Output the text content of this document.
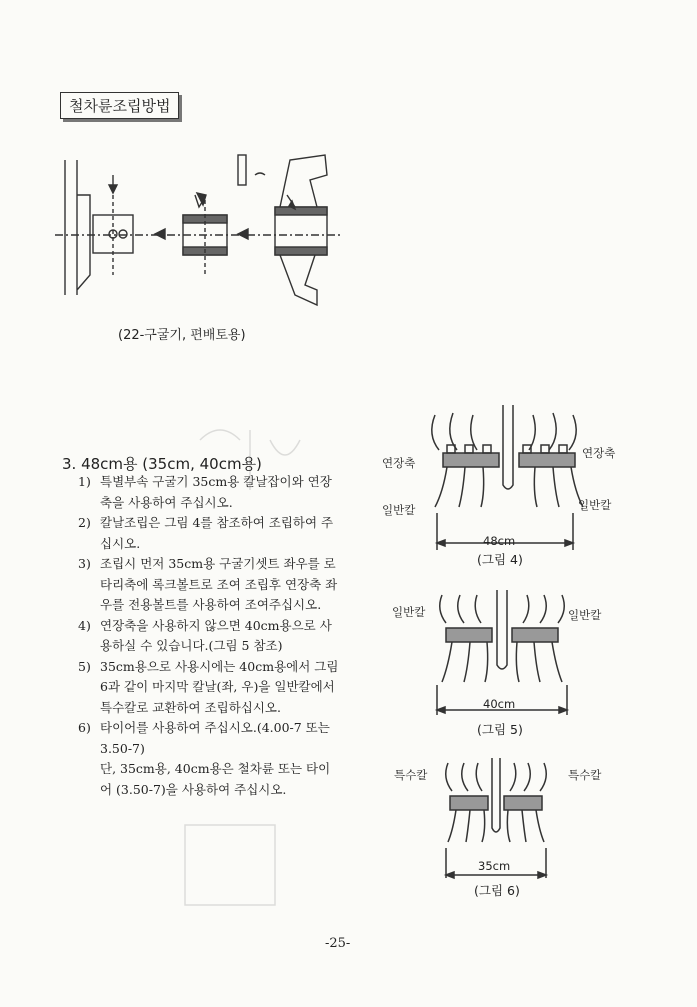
철차륜조립방법
(22-구굴기, 편배토용)
3. 48cm용 (35cm, 40cm용)
1) 특별부속 구굴기 35cm용 칼날잡이와 연장축을 사용하여 주십시오.
2) 칼날조립은 그림 4를 참조하여 조립하여 주십시오.
3) 조립시 먼저 35cm용 구굴기셋트 좌우를 로타리축에 록크볼트로 조여 조립후 연장축 좌우를 전용볼트를 사용하여 조여주십시오.
4) 연장축을 사용하지 않으면 40cm용으로 사용하실 수 있습니다.(그림 5 참조)
5) 35cm용으로 사용시에는 40cm용에서 그림 6과 같이 마지막 칼날(좌, 우)을 일반칼에서 특수칼로 교환하여 조립하십시오.
6) 타이어를 사용하여 주십시오.(4.00-7 또는 3.50-7)
단, 35cm용, 40cm용은 철차륜 또는 타이어 (3.50-7)을 사용하여 주십시오.
연장축
연장축
일반칼	일반칼
48cm
(그림 4)
일반칼	일반칼
40cm
(그림 5)
특수칼	특수칼
35cm
(그림 6)
-25-
